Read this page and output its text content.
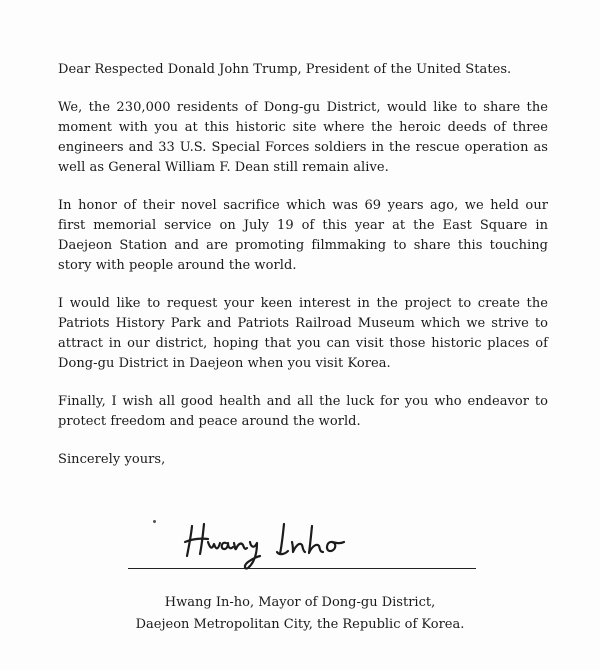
Dear Respected Donald John Trump, President of the United States.

We, the 230,000 residents of Dong-gu District, would like to share the moment with you at this historic site where the heroic deeds of three engineers and 33 U.S. Special Forces soldiers in the rescue operation as well as General William F. Dean still remain alive.

In honor of their novel sacrifice which was 69 years ago, we held our first memorial service on July 19 of this year at the East Square in Daejeon Station and are promoting filmmaking to share this touching story with people around the world.

I would like to request your keen interest in the project to create the Patriots History Park and Patriots Railroad Museum which we strive to attract in our district, hoping that you can visit those historic places of Dong-gu District in Daejeon when you visit Korea.

Finally, I wish all good health and all the luck for you who endeavor to protect freedom and peace around the world.

Sincerely yours,

Hwang In-ho, Mayor of Dong-gu District,
Daejeon Metropolitan City, the Republic of Korea.
